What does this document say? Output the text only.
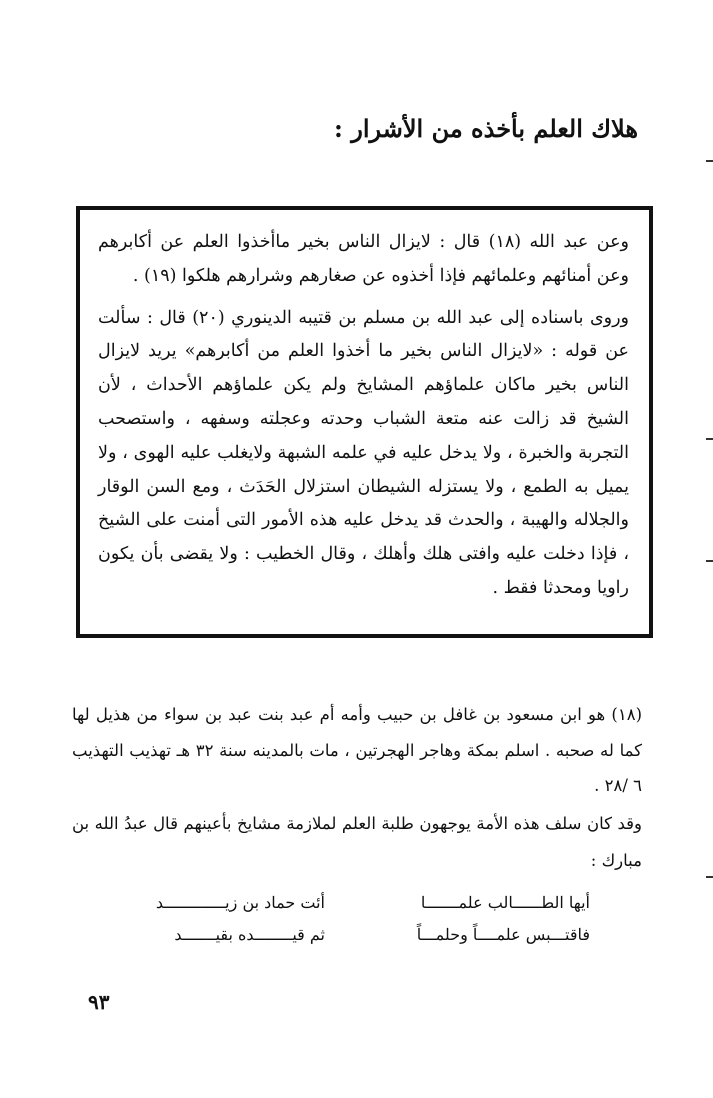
هلاك العلم بأخذه من الأشرار :

وعن عبد الله (١٨) قال : لايزال الناس بخير ماأخذوا العلم عن أكابرهم وعن أمنائهم وعلمائهم فإذا أخذوه عن صغارهم وشرارهم هلكوا (١٩) .

وروى باسناده إلى عبد الله بن مسلم بن قتيبه الدينوري (٢٠) قال : سألت عن قوله : «لايزال الناس بخير ما أخذوا العلم من أكابرهم» يريد لايزال الناس بخير ماكان علماؤهم المشايخ ولم يكن علماؤهم الأحداث ، لأن الشيخ قد زالت عنه متعة الشباب وحدته وعجلته وسفهه ، واستصحب التجربة والخبرة ، ولا يدخل عليه في علمه الشبهة ولايغلب عليه الهوى ، ولا يميل به الطمع ، ولا يستزله الشيطان استزلال الحَدَث ، ومع السن الوقار والجلاله والهيبة ، والحدث قد يدخل عليه هذه الأمور التى أمنت على الشيخ ، فإذا دخلت عليه وافتى هلك وأهلك ، وقال الخطيب : ولا يقضى بأن يكون راويا ومحدثا فقط .

(١٨) هو ابن مسعود بن غافل بن حبيب وأمه أم عبد بنت عبد بن سواء من هذيل لها كما له صحبه . اسلم بمكة وهاجر الهجرتين ، مات بالمدينه سنة ٣٢ هـ تهذيب التهذيب ٦ /٢٨ .

وقد كان سلف هذه الأمة يوجهون طلبة العلم لملازمة مشايخ بأعينهم قال عبدُ الله بن مبارك :

أيها الطــــــالب علمـــــــا
أئت حماد بن زيـــــــــــــد
فاقتـــبس علمــــاً وحلمـــاً
ثم قيــــــــده بقيـــــــد
٩٣
